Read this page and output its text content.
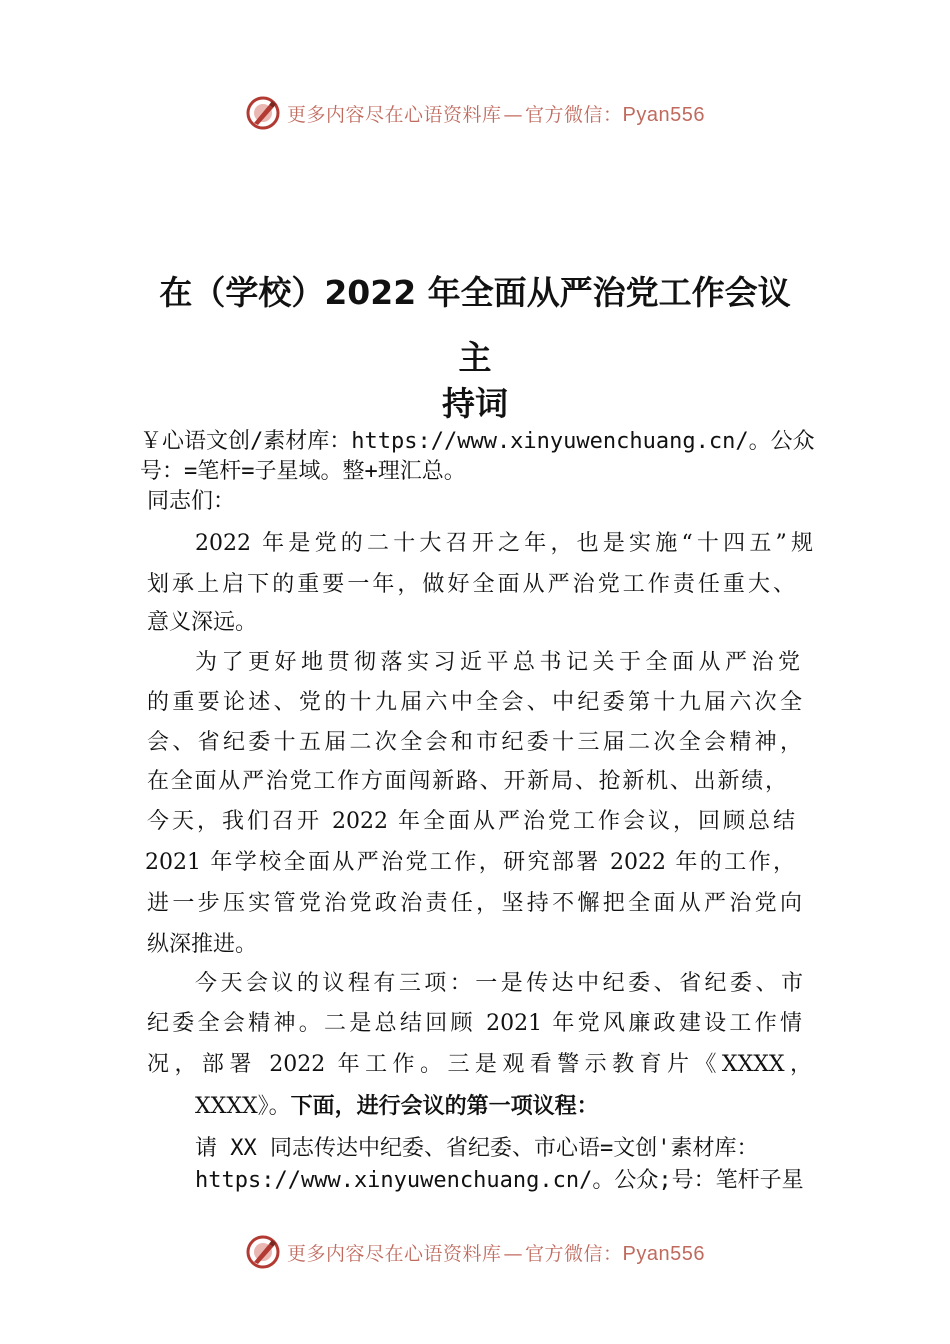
更多内容尽在心语资料库 — 官方微信：Pyan556
在（学校）2022 年全面从严治党工作会议
主
持词
￥心语文创/素材库：https://www.xinyuwenchuang.cn/。公众
号：=笔杆=子星域。整+理汇总。
同志们：
2022 年是党的二十大召开之年，也是实施“十四五”规
划承上启下的重要一年，做好全面从严治党工作责任重大、
意义深远。
为了更好地贯彻落实习近平总书记关于全面从严治党
的重要论述、党的十九届六中全会、中纪委第十九届六次全
会、省纪委十五届二次全会和市纪委十三届二次全会精神，
在全面从严治党工作方面闯新路、开新局、抢新机、出新绩，
今天，我们召开 2022 年全面从严治党工作会议，回顾总结
2021 年学校全面从严治党工作，研究部署 2022 年的工作，
进一步压实管党治党政治责任，坚持不懈把全面从严治党向
纵深推进。
今天会议的议程有三项：一是传达中纪委、省纪委、市
纪委全会精神。二是总结回顾 2021 年党风廉政建设工作情
况，部署 2022 年工作。三是观看警示教育片《XXXX，
XXXX》。下面，进行会议的第一项议程：
请 XX 同志传达中纪委、省纪委、市心语=文创'素材库：
https://www.xinyuwenchuang.cn/。公众;号：笔杆子星
更多内容尽在心语资料库 — 官方微信：Pyan556
